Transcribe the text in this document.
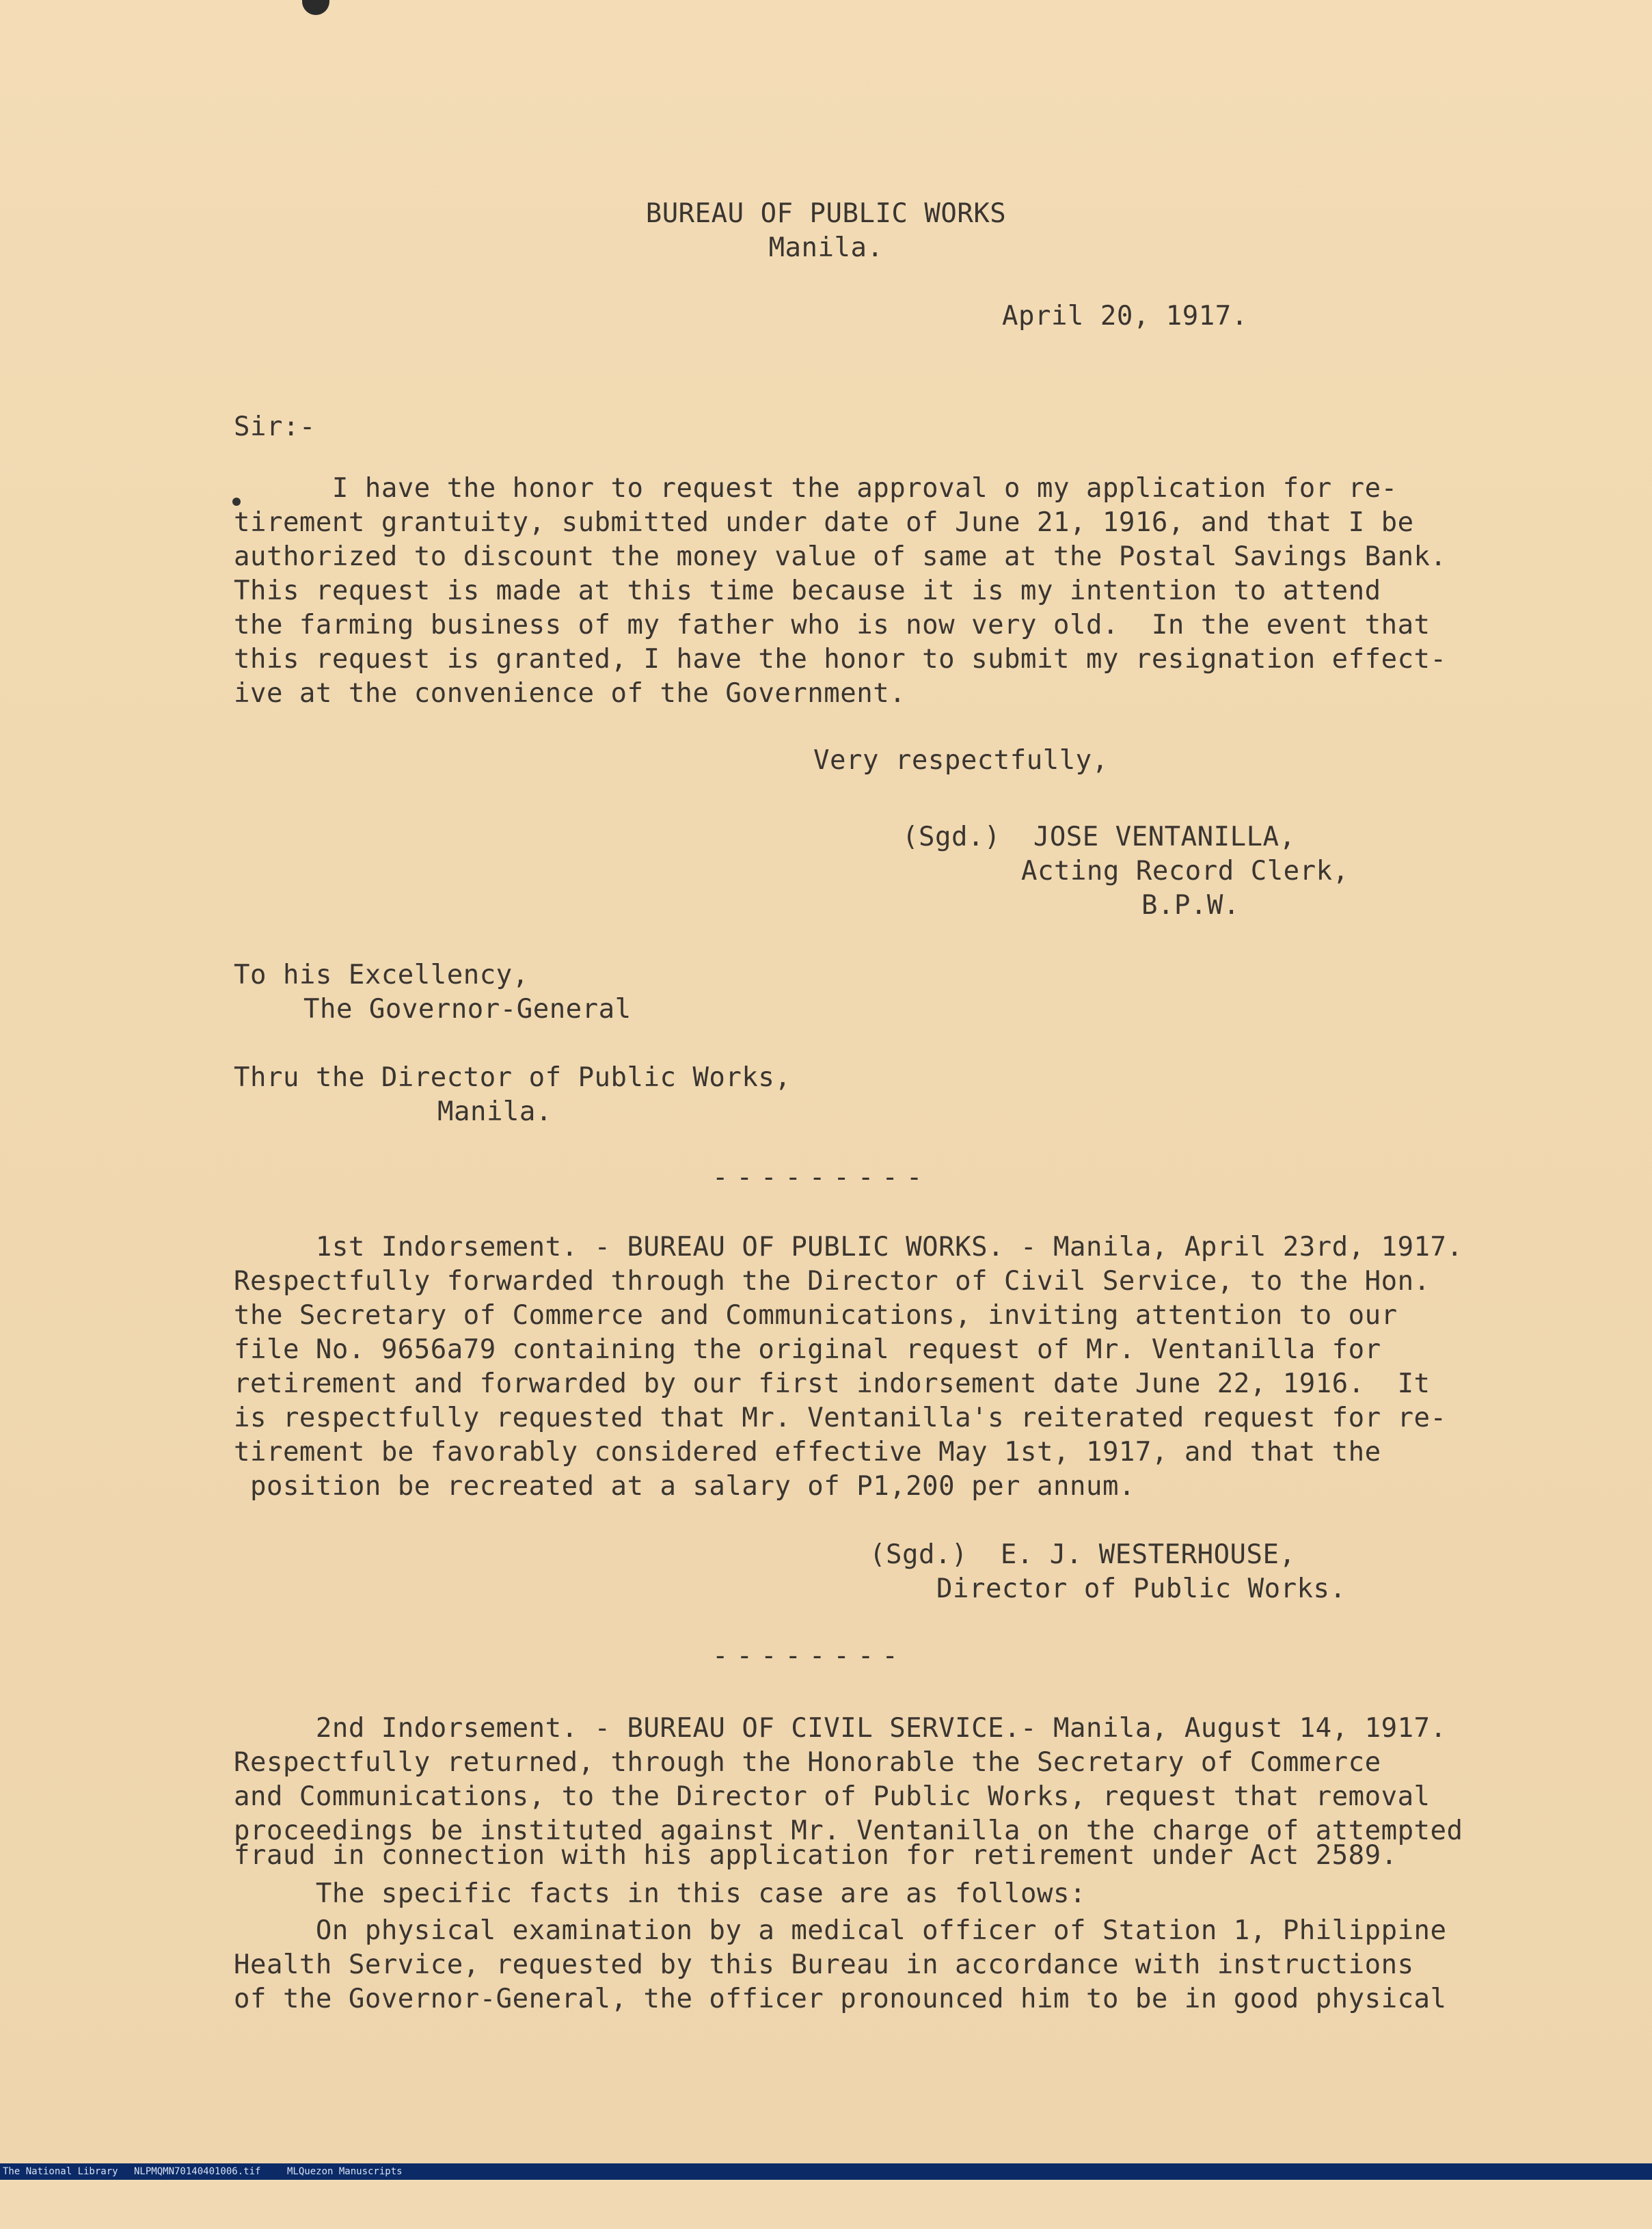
BUREAU OF PUBLIC WORKS
Manila.
April 20, 1917.
Sir:-
I have the honor to request the approval o my application for re-
tirement grantuity, submitted under date of June 21, 1916, and that I be
authorized to discount the money value of same at the Postal Savings Bank.
This request is made at this time because it is my intention to attend
the farming business of my father who is now very old.  In the event that
this request is granted, I have the honor to submit my resignation effect-
ive at the convenience of the Government.
Very respectfully,
(Sgd.)  JOSE VENTANILLA,
Acting Record Clerk,
B.P.W.
To his Excellency,
The Governor-General
Thru the Director of Public Works,
Manila.
---------
1st Indorsement. - BUREAU OF PUBLIC WORKS. - Manila, April 23rd, 1917.
Respectfully forwarded through the Director of Civil Service, to the Hon.
the Secretary of Commerce and Communications, inviting attention to our
file No. 9656a79 containing the original request of Mr. Ventanilla for
retirement and forwarded by our first indorsement date June 22, 1916.  It
is respectfully requested that Mr. Ventanilla's reiterated request for re-
tirement be favorably considered effective May 1st, 1917, and that the
position be recreated at a salary of P1,200 per annum.
(Sgd.)  E. J. WESTERHOUSE,
Director of Public Works.
--------
2nd Indorsement. - BUREAU OF CIVIL SERVICE.- Manila, August 14, 1917.
Respectfully returned, through the Honorable the Secretary of Commerce
and Communications, to the Director of Public Works, request that removal
proceedings be instituted against Mr. Ventanilla on the charge of attempted
fraud in connection with his application for retirement under Act 2589.
The specific facts in this case are as follows:
On physical examination by a medical officer of Station 1, Philippine
Health Service, requested by this Bureau in accordance with instructions
of the Governor-General, the officer pronounced him to be in good physical

The National Library

NLPMQMN70140401006.tif

	MLQuezon Manuscripts
